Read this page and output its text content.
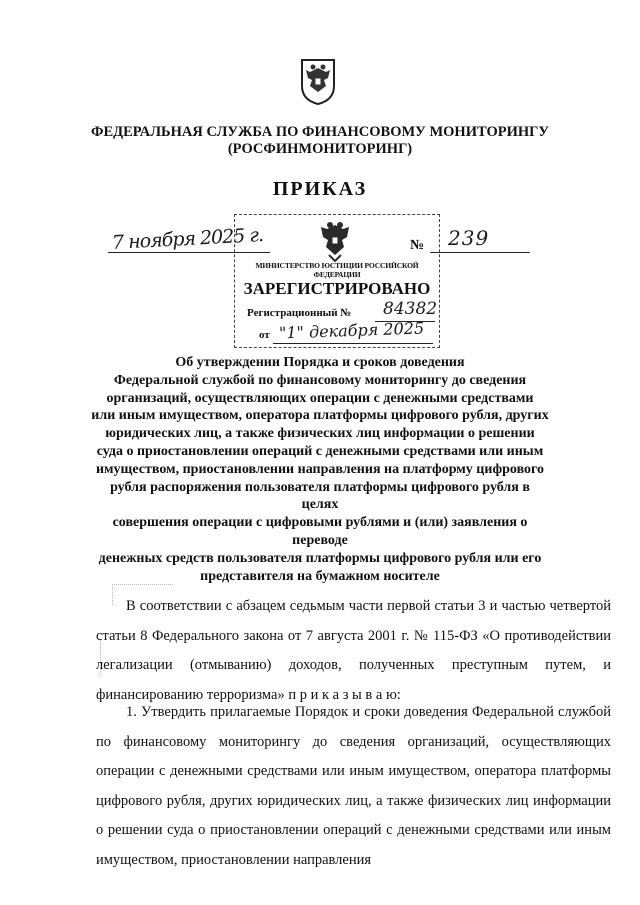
ФЕДЕРАЛЬНАЯ СЛУЖБА ПО ФИНАНСОВОМУ МОНИТОРИНГУ
(РОСФИНМОНИТОРИНГ)
ПРИКАЗ
7 ноября 2025 г.	№ 239
МИНИСТЕРСТВО ЮСТИЦИИ РОССИЙСКОЙ ФЕДЕРАЦИИ
ЗАРЕГИСТРИРОВАНО
Регистрационный № 84382
от "1" декабря 2025
Об утверждении Порядка и сроков доведения
Федеральной службой по финансовому мониторингу до сведения
организаций, осуществляющих операции с денежными средствами
или иным имуществом, оператора платформы цифрового рубля, других
юридических лиц, а также физических лиц информации о решении
суда о приостановлении операций с денежными средствами или иным
имуществом, приостановлении направления на платформу цифрового
рубля распоряжения пользователя платформы цифрового рубля в целях
совершения операции с цифровыми рублями и (или) заявления о переводе
денежных средств пользователя платформы цифрового рубля или его
представителя на бумажном носителе
В соответствии с абзацем седьмым части первой статьи 3 и частью четвертой статьи 8 Федерального закона от 7 августа 2001 г. № 115-ФЗ «О противодействии легализации (отмыванию) доходов, полученных преступным путем, и финансированию терроризма» п р и к а з ы в а ю:
1. Утвердить прилагаемые Порядок и сроки доведения Федеральной службой по финансовому мониторингу до сведения организаций, осуществляющих операции с денежными средствами или иным имуществом, оператора платформы цифрового рубля, других юридических лиц, а также физических лиц информации о решении суда о приостановлении операций с денежными средствами или иным имуществом, приостановлении направления
